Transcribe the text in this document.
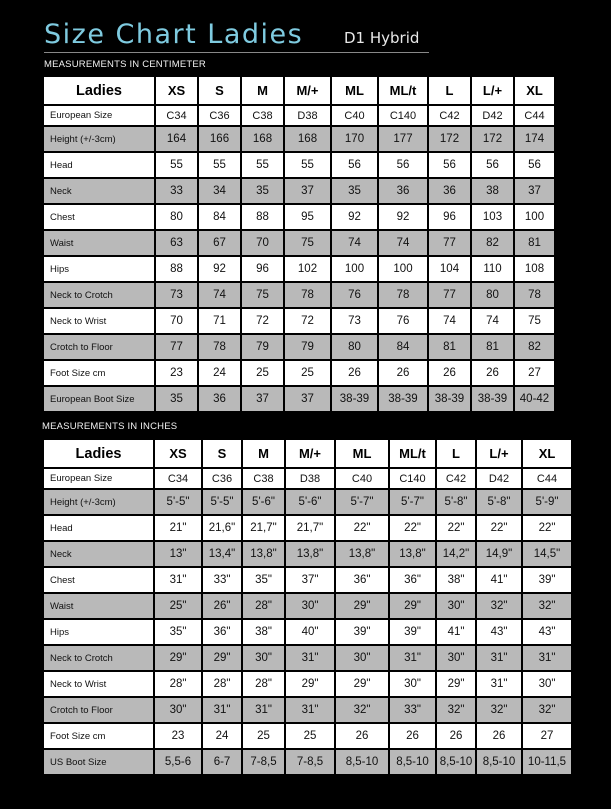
Size Chart Ladies	D1 Hybrid
MEASUREMENTS IN CENTIMETER
Ladies	XS	S	M	M/+	ML	ML/t	L	L/+	XL
European Size	C34	C36	C38	D38	C40	C140	C42	D42	C44
Height (+/-3cm)	164	166	168	168	170	177	172	172	174
Head	55	55	55	55	56	56	56	56	56
Neck	33	34	35	37	35	36	36	38	37
Chest	80	84	88	95	92	92	96	103	100
Waist	63	67	70	75	74	74	77	82	81
Hips	88	92	96	102	100	100	104	110	108
Neck to Crotch	73	74	75	78	76	78	77	80	78
Neck to Wrist	70	71	72	72	73	76	74	74	75
Crotch to Floor	77	78	79	79	80	84	81	81	82
Foot Size cm	23	24	25	25	26	26	26	26	27
European Boot Size	35	36	37	37	38-39	38-39	38-39	38-39	40-42
MEASUREMENTS IN INCHES
Ladies	XS	S	M	M/+	ML	ML/t	L	L/+	XL
European Size	C34	C36	C38	D38	C40	C140	C42	D42	C44
Height (+/-3cm)	5'-5"	5'-5"	5'-6"	5'-6"	5'-7"	5'-7"	5'-8"	5'-8"	5'-9"
Head	21"	21,6"	21,7"	21,7"	22"	22"	22"	22"	22"
Neck	13"	13,4"	13,8"	13,8"	13,8"	13,8"	14,2"	14,9"	14,5"
Chest	31"	33"	35"	37"	36"	36"	38"	41"	39"
Waist	25"	26"	28"	30"	29"	29"	30"	32"	32"
Hips	35"	36"	38"	40"	39"	39"	41"	43"	43"
Neck to Crotch	29"	29"	30"	31"	30"	31"	30"	31"	31"
Neck to Wrist	28"	28"	28"	29"	29"	30"	29"	31"	30"
Crotch to Floor	30"	31"	31"	31"	32"	33"	32"	32"	32"
Foot Size cm	23	24	25	25	26	26	26	26	27
US Boot Size	5,5-6	6-7	7-8,5	7-8,5	8,5-10	8,5-10	8,5-10	8,5-10	10-11,5
